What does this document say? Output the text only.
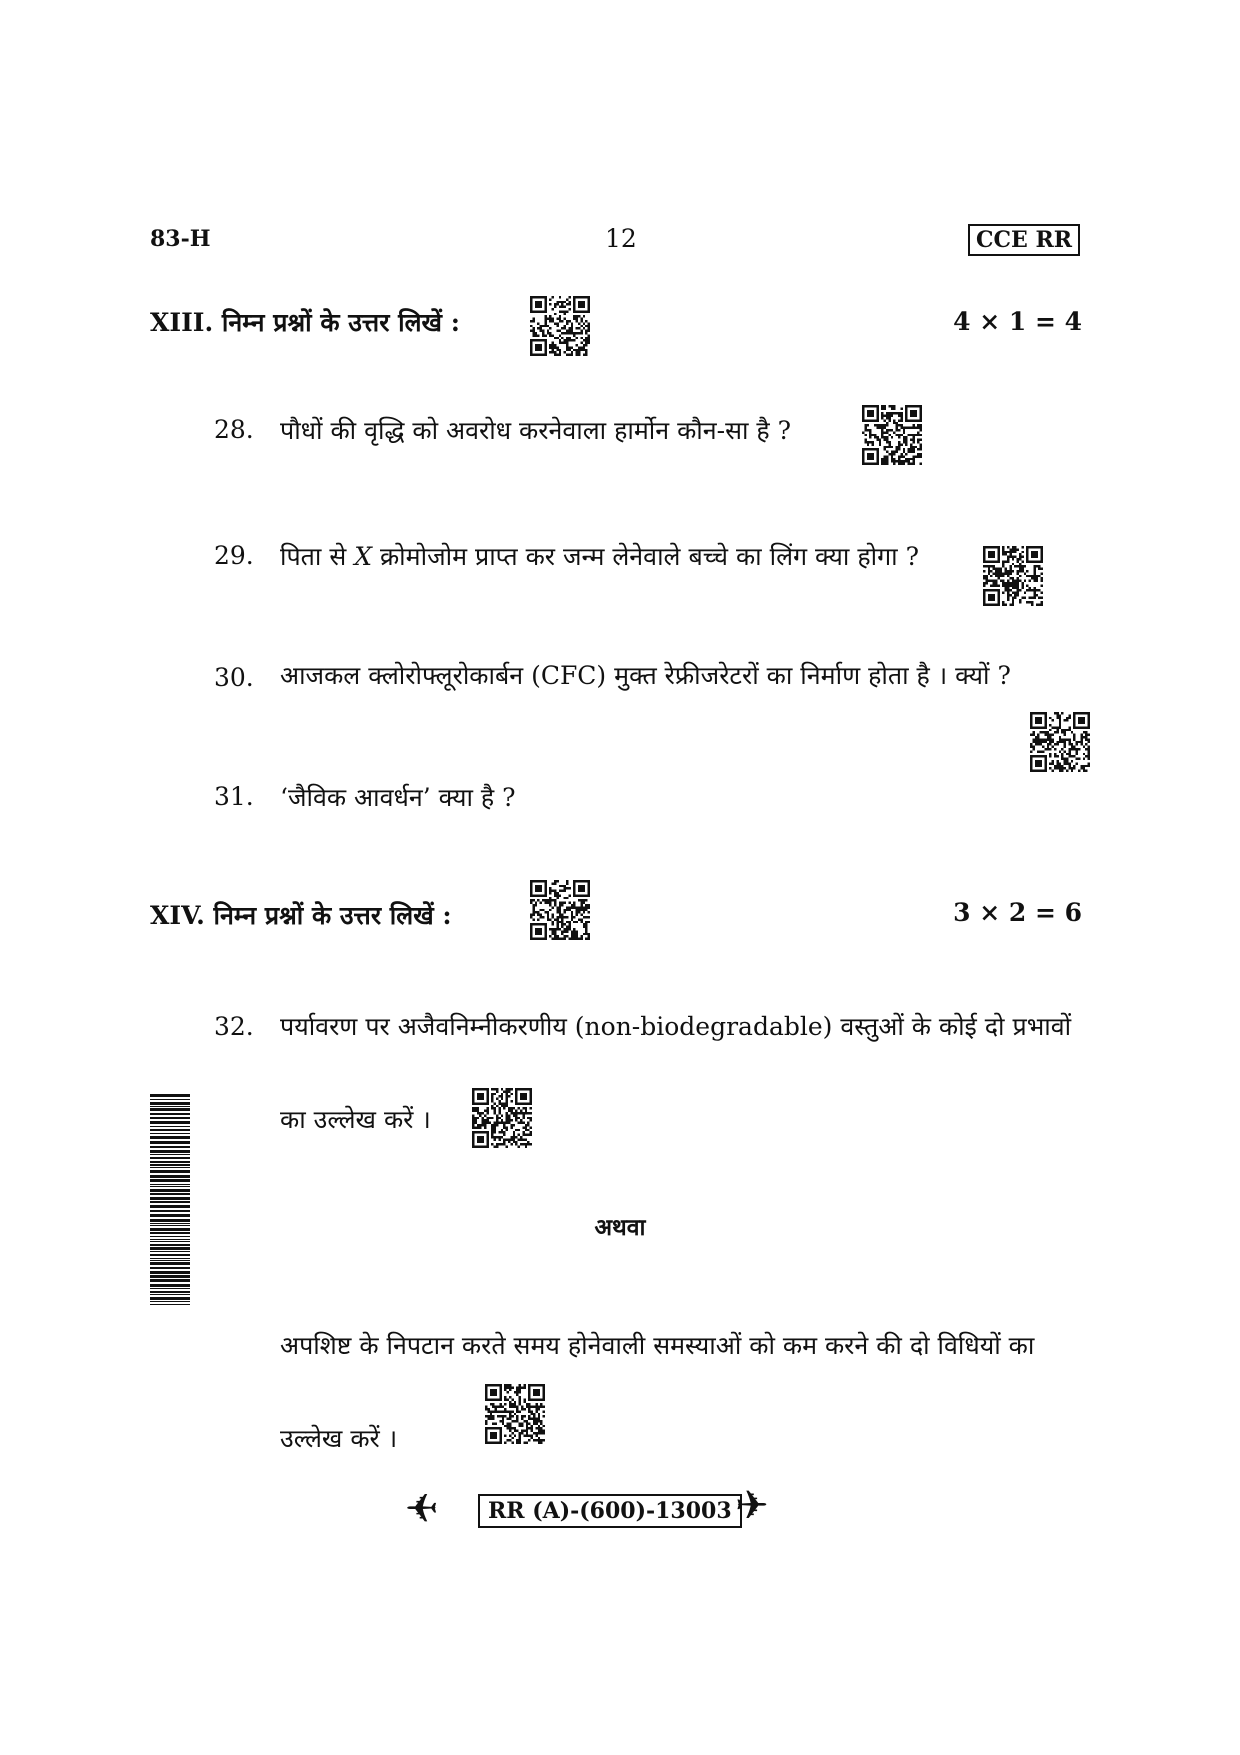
83-H	12	CCE RR
XIII. निम्न प्रश्नों के उत्तर लिखें :	4 × 1 = 4
28. पौधों की वृद्धि को अवरोध करनेवाला हार्मोन कौन-सा है ?
29. पिता से X क्रोमोजोम प्राप्त कर जन्म लेनेवाले बच्चे का लिंग क्या होगा ?
30. आजकल क्लोरोफ्लूरोकार्बन (CFC) मुक्त रेफ्रीजरेटरों का निर्माण होता है । क्यों ?
31. ‘जैविक आवर्धन’ क्या है ?
XIV. निम्न प्रश्नों के उत्तर लिखें :	3 × 2 = 6
32. पर्यावरण पर अजैवनिम्नीकरणीय (non-biodegradable) वस्तुओं के कोई दो प्रभावों
का उल्लेख करें ।
अथवा
अपशिष्ट के निपटान करते समय होनेवाली समस्याओं को कम करने की दो विधियों का
उल्लेख करें ।
✈	RR (A)-(600)-13003 ✈
